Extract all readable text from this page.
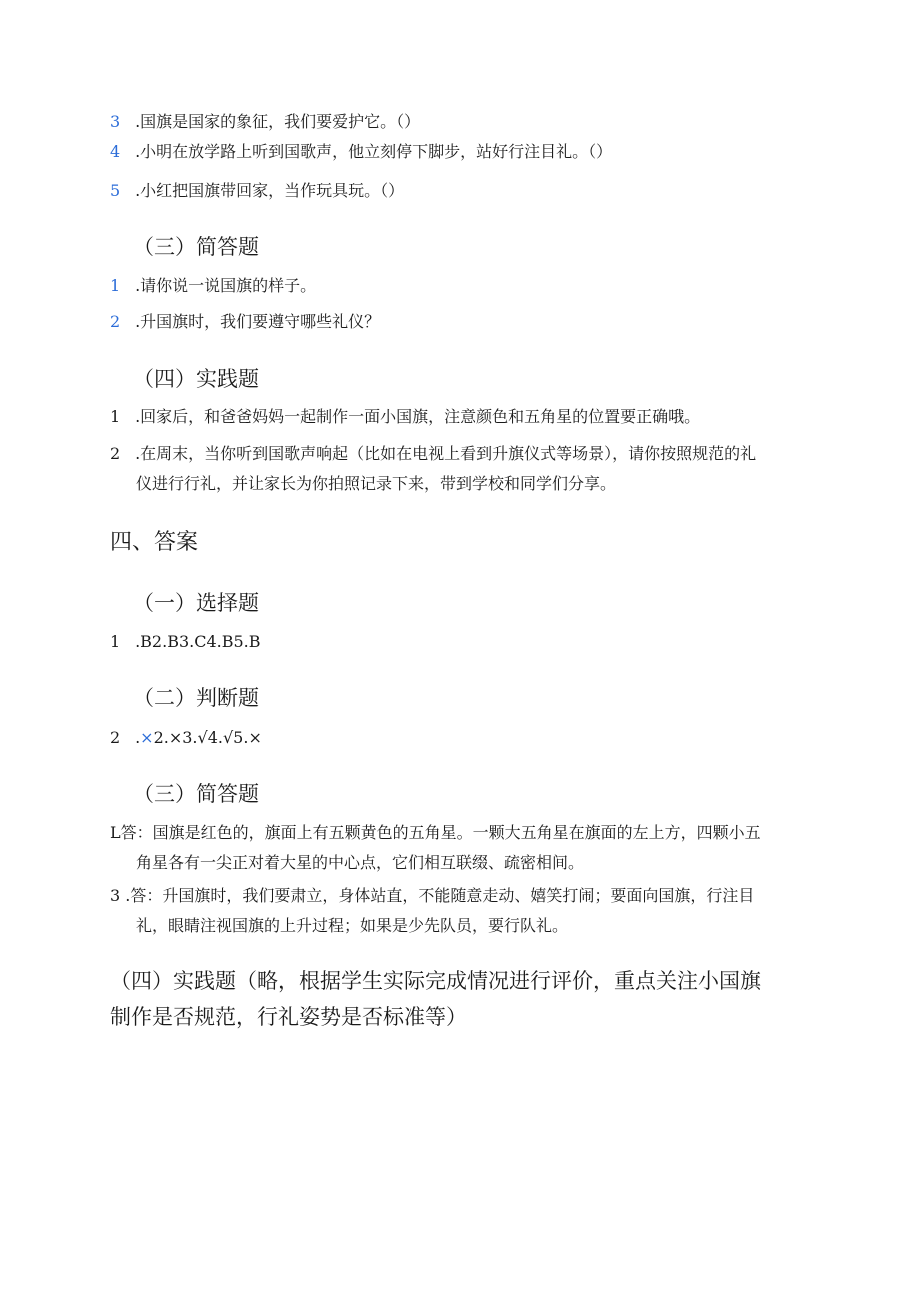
3 .国旗是国家的象征，我们要爱护它。（）
4 .小明在放学路上听到国歌声，他立刻停下脚步，站好行注目礼。（）
5 .小红把国旗带回家，当作玩具玩。（）
（三）简答题
1 .请你说一说国旗的样子。
2 .升国旗时，我们要遵守哪些礼仪？
（四）实践题
1 .回家后，和爸爸妈妈一起制作一面小国旗，注意颜色和五角星的位置要正确哦。
2 .在周末，当你听到国歌声响起（比如在电视上看到升旗仪式等场景），请你按照规范的礼
仪进行行礼，并让家长为你拍照记录下来，带到学校和同学们分享。
四、答案
（一）选择题
1 .B2.B3.C4.B5.B
（二）判断题
2 .×2.×3.√4.√5.×
（三）简答题
L答：国旗是红色的，旗面上有五颗黄色的五角星。一颗大五角星在旗面的左上方，四颗小五
角星各有一尖正对着大星的中心点，它们相互联缀、疏密相间。
3 .答：升国旗时，我们要肃立，身体站直，不能随意走动、嬉笑打闹；要面向国旗，行注目
礼，眼睛注视国旗的上升过程；如果是少先队员，要行队礼。
（四）实践题（略，根据学生实际完成情况进行评价，重点关注小国旗
制作是否规范，行礼姿势是否标准等）
